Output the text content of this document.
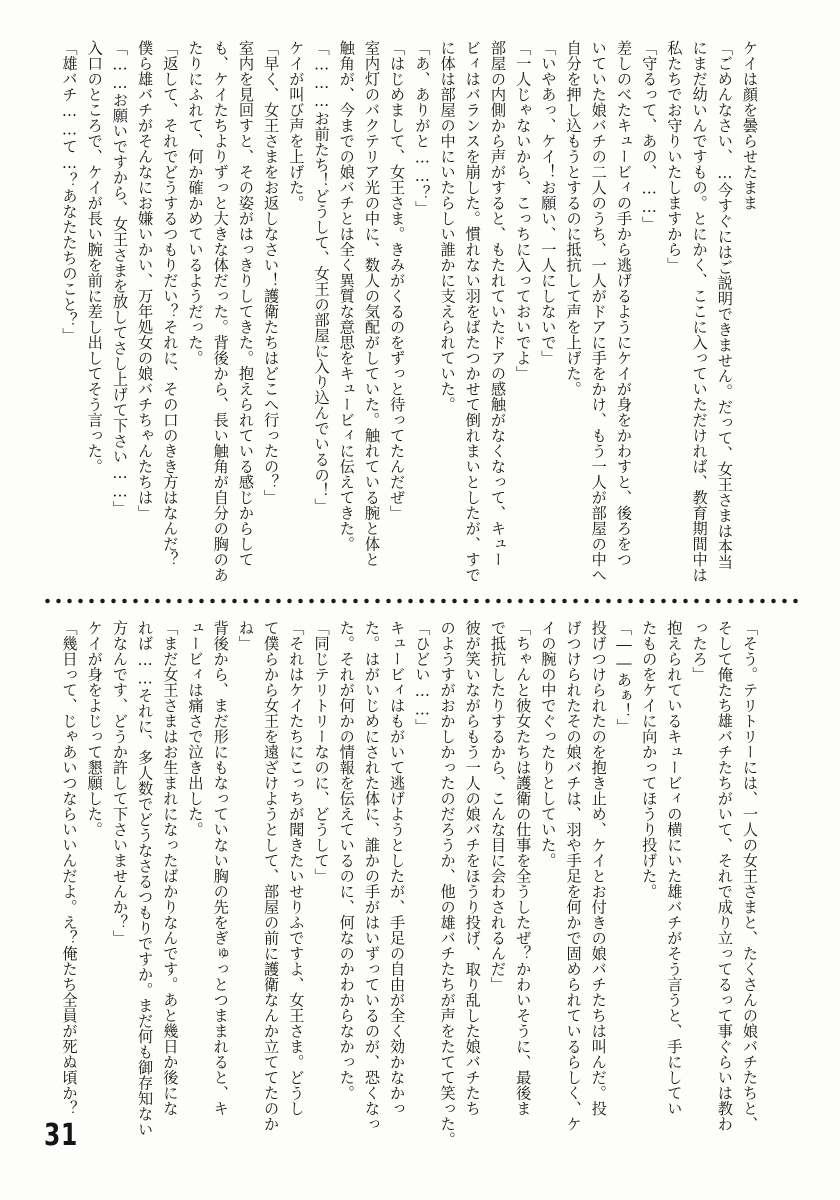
ケイは顔を曇らせたまま
「ごめんなさい、…今すぐにはご説明できません。だって、女王さまは本当
にまだ幼いんですもの。とにかく、ここに入っていただければ、教育期間中は
私たちでお守りいたしますから」
「守るって、あの、……」
差しのべたキュービィの手から逃げるようにケイが身をかわすと、後ろをつ
いていた娘バチの二人のうち、一人がドアに手をかけ、もう一人が部屋の中へ
自分を押し込もうとするのに抵抗して声を上げた。
「いやあっ、ケイ！お願い、一人にしないで」
「一人じゃないから、こっちに入っておいでよ」
部屋の内側から声がすると、もたれていたドアの感触がなくなって、キュー
ビィはバランスを崩した。慣れない羽をばたつかせて倒れまいとしたが、すで
に体は部屋の中にいたらしい誰かに支えられていた。
「あ、ありがと……？」
「はじめまして、女王さま。きみがくるのをずっと待ってたんだぜ」
室内灯のバクテリア光の中に、数人の気配がしていた。触れている腕と体と
触角が、今までの娘バチとは全く異質な意思をキュービィに伝えてきた。
「………お前たち！どうして、女王の部屋に入り込んでいるの！」
ケイが叫び声を上げた。
「早く、女王さまをお返しなさい！護衛たちはどこへ行ったの？」
室内を見回すと、その姿がはっきりしてきた。抱えられている感じからして
も、ケイたちよりずっと大きな体だった。背後から、長い触角が自分の胸のあ
たりにふれて、何か確かめているようだった。
「返して、それでどうするつもりだい？それに、その口のきき方はなんだ？
僕ら雄バチがそんなにお嫌いかい、万年処女の娘バチちゃんたちは」
「……お願いですから、女王さまを放してさし上げて下さい……」
入口のところで、ケイが長い腕を前に差し出してそう言った。
「雄バチ……て…？あなたたちのこと？」
「そう。テリトリーには、一人の女王さまと、たくさんの娘バチたちと、
そして俺たち雄バチたちがいて、それで成り立ってるって事ぐらいは教わ
ったろ」
抱えられているキュービィの横にいた雄バチがそう言うと、手にしてい
たものをケイに向かってほうり投げた。
「――あぁ！」
投げつけられたのを抱き止め、ケイとお付きの娘バチたちは叫んだ。投
げつけられたその娘バチは、羽や手足を何かで固められているらしく、ケ
イの腕の中でぐったりとしていた。
「ちゃんと彼女たちは護衛の仕事を全うしたぜ？かわいそうに、最後ま
で抵抗したりするから、こんな目に会わされるんだ」
彼が笑いながらもう一人の娘バチをほうり投げ、取り乱した娘バチたち
のようすがおかしかったのだろうか、他の雄バチたちが声をたてて笑った。
「ひどい……」
キュービィはもがいて逃げようとしたが、手足の自由が全く効かなかっ
た。はがいじめにされた体に、誰かの手がはいずっているのが、恐くなっ
た。それが何かの情報を伝えているのに、何なのかわからなかった。
「同じテリトリーなのに、どうして」
「それはケイたちにこっちが聞きたいせりふですよ、女王さま。どうし
て僕らから女王を遠ざけようとして、部屋の前に護衛なんか立ててたのか
ね」
背後から、まだ形にもなっていない胸の先をぎゅっとつままれると、キ
ュービィは痛さで泣き出した。
「まだ女王さまはお生まれになったばかりなんです。あと幾日か後にな
れば……それに、多人数でどうなさるつもりですか。まだ何も御存知ない
方なんです、どうか許して下さいませんか？」
ケイが身をよじって懇願した。
「幾日って、じゃあいつならいいんだよ。え？俺たち全員が死ぬ頃か？
31
